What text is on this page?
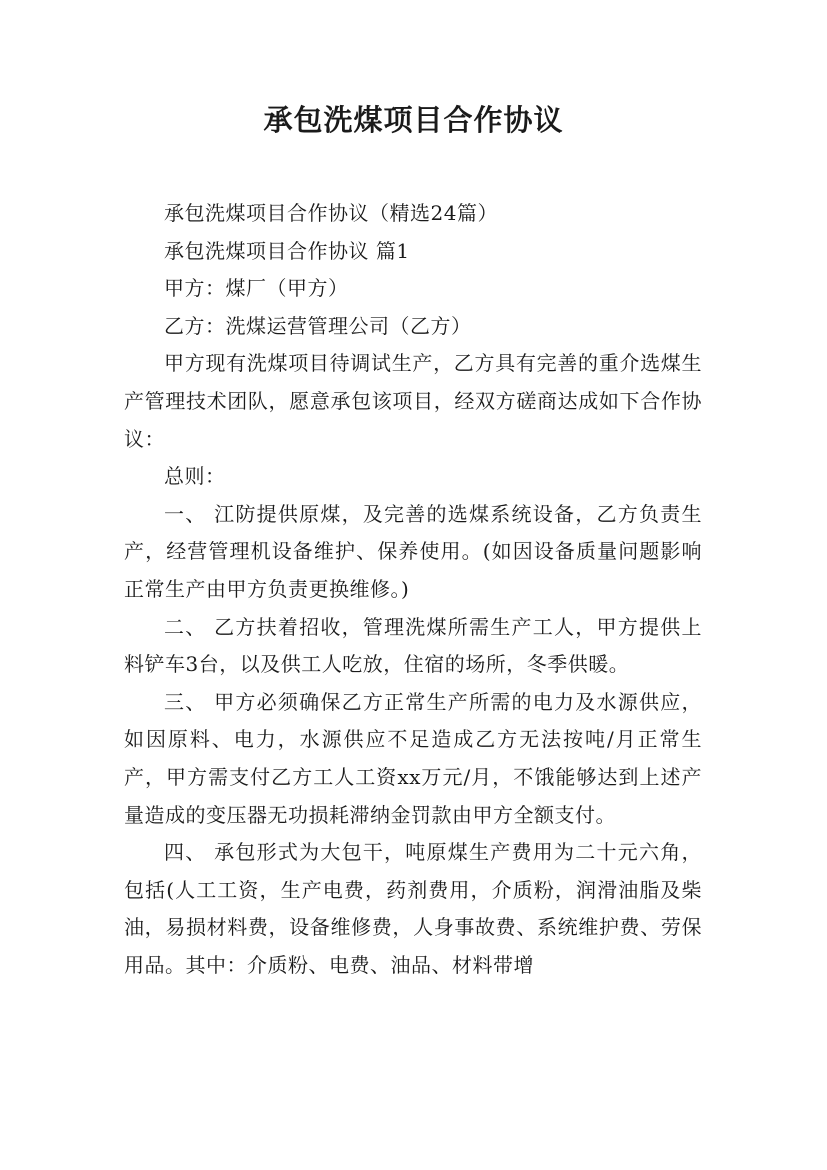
承包洗煤项目合作协议

承包洗煤项目合作协议（精选24篇）

承包洗煤项目合作协议 篇1

甲方：煤厂（甲方）

乙方：洗煤运营管理公司（乙方）

甲方现有洗煤项目待调试生产，乙方具有完善的重介选煤生产管理技术团队，愿意承包该项目，经双方磋商达成如下合作协议：

总则：

一、 江防提供原煤，及完善的选煤系统设备，乙方负责生产，经营管理机设备维护、保养使用。(如因设备质量问题影响正常生产由甲方负责更换维修。)

二、 乙方扶着招收，管理洗煤所需生产工人，甲方提供上料铲车3台，以及供工人吃放，住宿的场所，冬季供暖。

三、 甲方必须确保乙方正常生产所需的电力及水源供应，如因原料、电力，水源供应不足造成乙方无法按吨/月正常生产，甲方需支付乙方工人工资xx万元/月，不饿能够达到上述产量造成的变压器无功损耗滞纳金罚款由甲方全额支付。

四、 承包形式为大包干，吨原煤生产费用为二十元六角，包括(人工工资，生产电费，药剂费用，介质粉，润滑油脂及柴油，易损材料费，设备维修费，人身事故费、系统维护费、劳保用品。其中：介质粉、电费、油品、材料带增
